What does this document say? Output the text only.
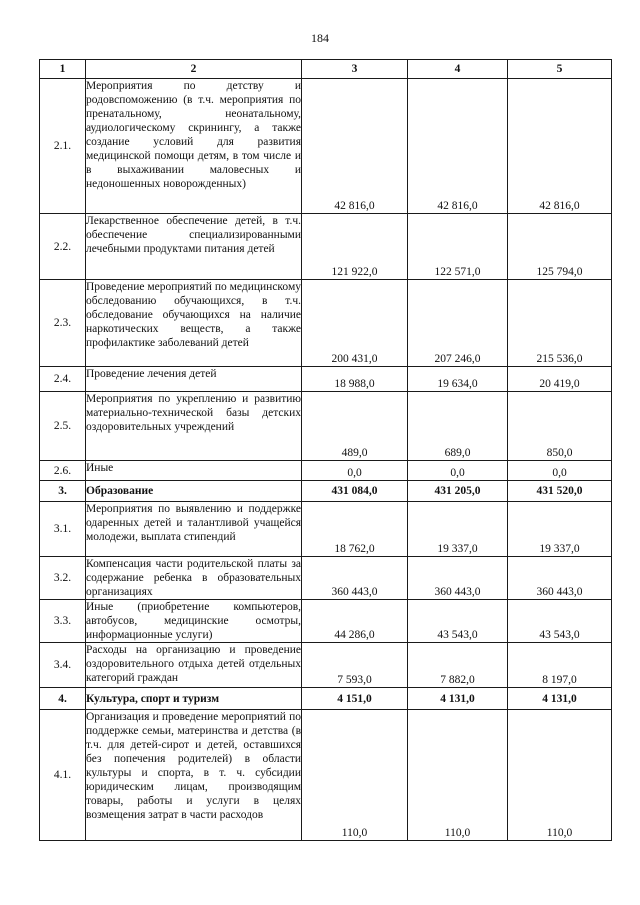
184
1	2	3	4	5
2.1.	Мероприятия по детству и родовспоможению (в т.ч. мероприятия по пренатальному, неонатальному, аудиологическому скринингу, а также создание условий для развития медицинской помощи детям, в том числе и в выхаживании маловесных и недоношенных новорожденных)	42 816,0	42 816,0	42 816,0
2.2.	Лекарственное обеспечение детей, в т.ч. обеспечение специализированными лечебными продуктами питания детей	121 922,0	122 571,0	125 794,0
2.3.	Проведение мероприятий по медицинскому обследованию обучающихся, в т.ч. обследование обучающихся на наличие наркотических веществ, а также профилактике заболеваний детей	200 431,0	207 246,0	215 536,0
2.4.	Проведение лечения детей	18 988,0	19 634,0	20 419,0
2.5.	Мероприятия по укреплению и развитию материально-технической базы детских оздоровительных учреждений	489,0	689,0	850,0
2.6.	Иные	0,0	0,0	0,0
3.	Образование	431 084,0	431 205,0	431 520,0
3.1.	Мероприятия по выявлению и поддержке одаренных детей и талантливой учащейся молодежи, выплата стипендий	18 762,0	19 337,0	19 337,0
3.2.	Компенсация части родительской платы за содержание ребенка в образовательных организациях	360 443,0	360 443,0	360 443,0
3.3.	Иные (приобретение компьютеров, автобусов, медицинские осмотры, информационные услуги)	44 286,0	43 543,0	43 543,0
3.4.	Расходы на организацию и проведение оздоровительного отдыха детей отдельных категорий граждан	7 593,0	7 882,0	8 197,0
4.	Культура, спорт и туризм	4 151,0	4 131,0	4 131,0
4.1.	Организация и проведение мероприятий по поддержке семьи, материнства и детства (в т.ч. для детей-сирот и детей, оставшихся без попечения родителей) в области культуры и спорта, в т. ч. субсидии юридическим лицам, производящим товары, работы и услуги в целях возмещения затрат в части расходов	110,0	110,0	110,0
